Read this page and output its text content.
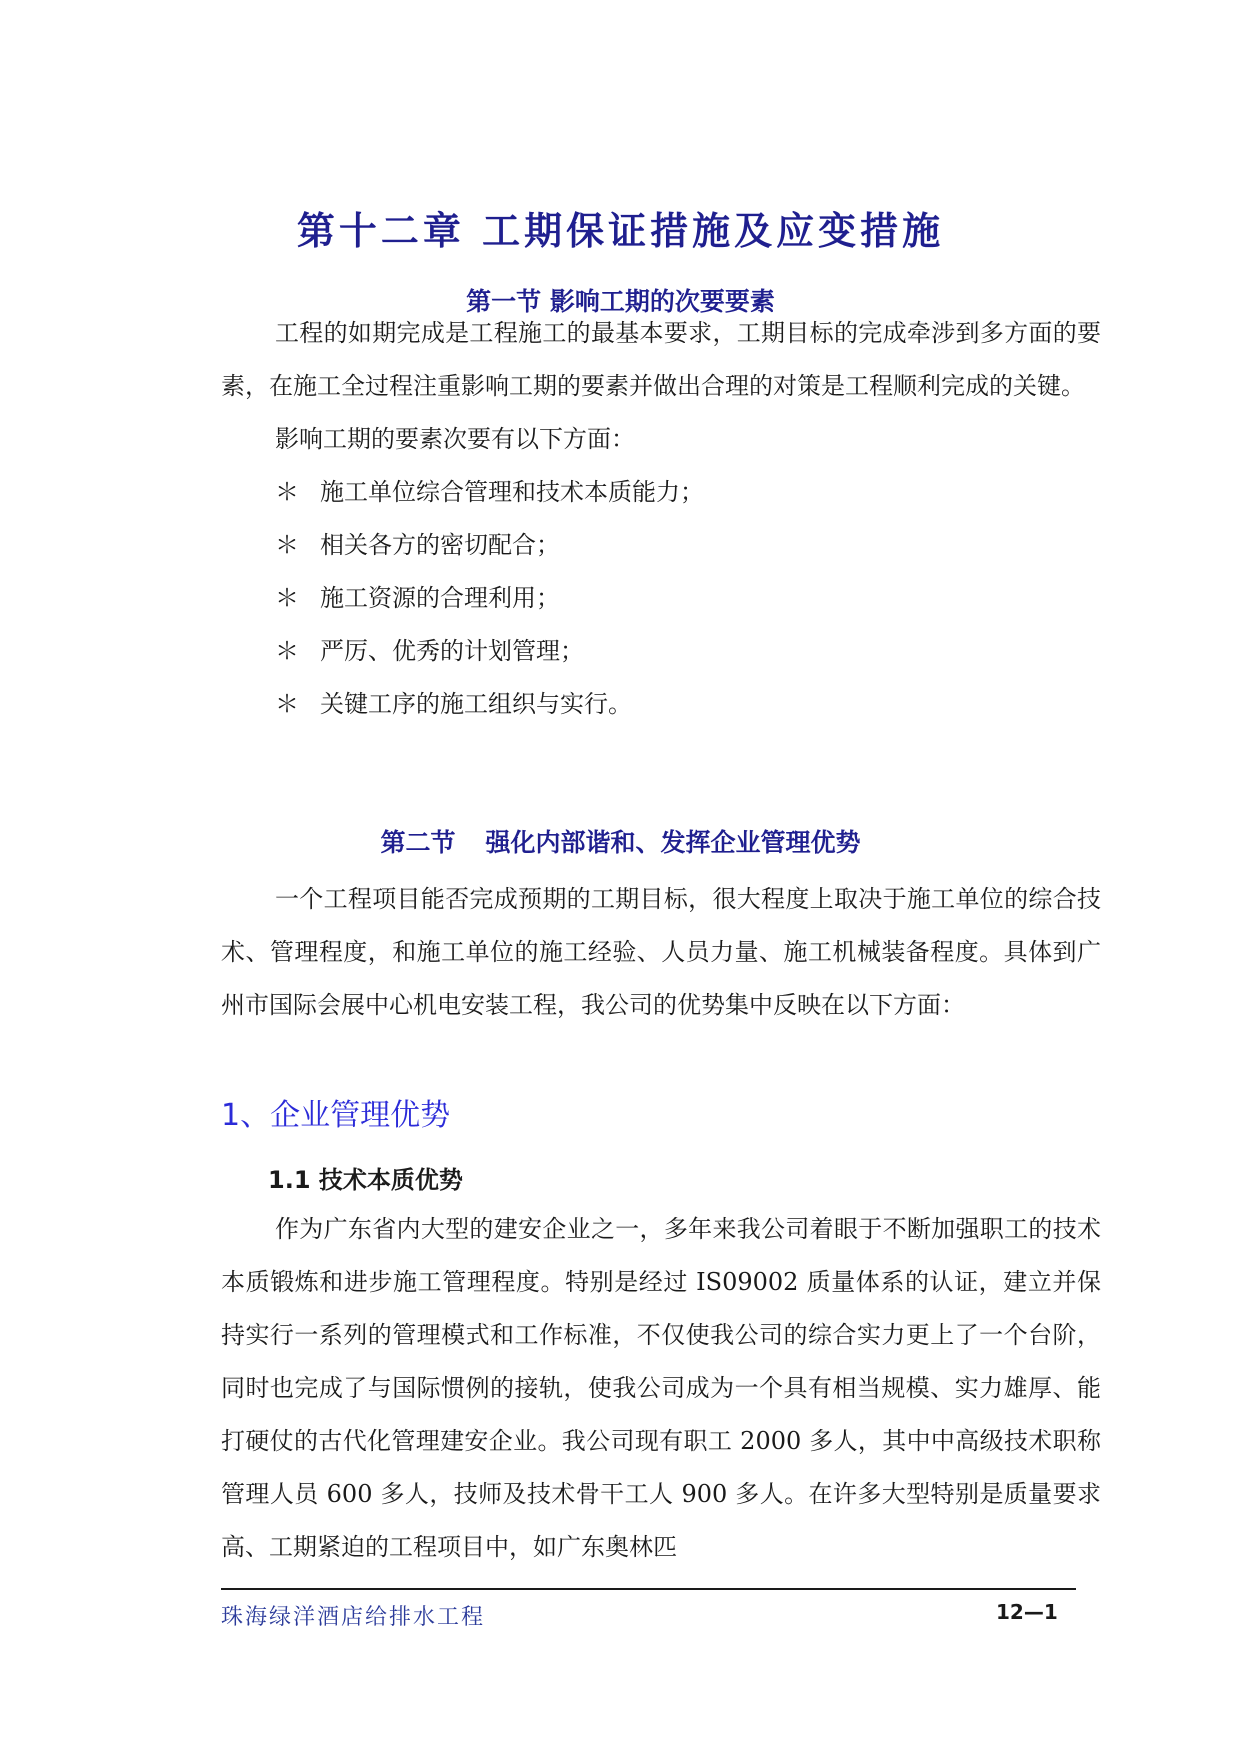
第十二章 工期保证措施及应变措施
第一节 影响工期的次要要素

工程的如期完成是工程施工的最基本要求，工期目标的完成牵涉到多方面的要素，在施工全过程注重影响工期的要素并做出合理的对策是工程顺利完成的关键。

影响工期的要素次要有以下方面：

＊ 施工单位综合管理和技术本质能力；

＊ 相关各方的密切配合；

＊ 施工资源的合理利用；

＊ 严厉、优秀的计划管理；

＊ 关键工序的施工组织与实行。

第二节 强化内部谐和、发挥企业管理优势

一个工程项目能否完成预期的工期目标，很大程度上取决于施工单位的综合技术、管理程度，和施工单位的施工经验、人员力量、施工机械装备程度。具体到广州市国际会展中心机电安装工程，我公司的优势集中反映在以下方面：

1、企业管理优势
1.1 技术本质优势

作为广东省内大型的建安企业之一，多年来我公司着眼于不断加强职工的技术本质锻炼和进步施工管理程度。特别是经过 IS09002 质量体系的认证，建立并保持实行一系列的管理模式和工作标准，不仅使我公司的综合实力更上了一个台阶，同时也完成了与国际惯例的接轨，使我公司成为一个具有相当规模、实力雄厚、能打硬仗的古代化管理建安企业。我公司现有职工 2000 多人，其中中高级技术职称管理人员 600 多人，技师及技术骨干工人 900 多人。在许多大型特别是质量要求高、工期紧迫的工程项目中，如广东奥林匹

珠海绿洋酒店给排水工程	12—1
